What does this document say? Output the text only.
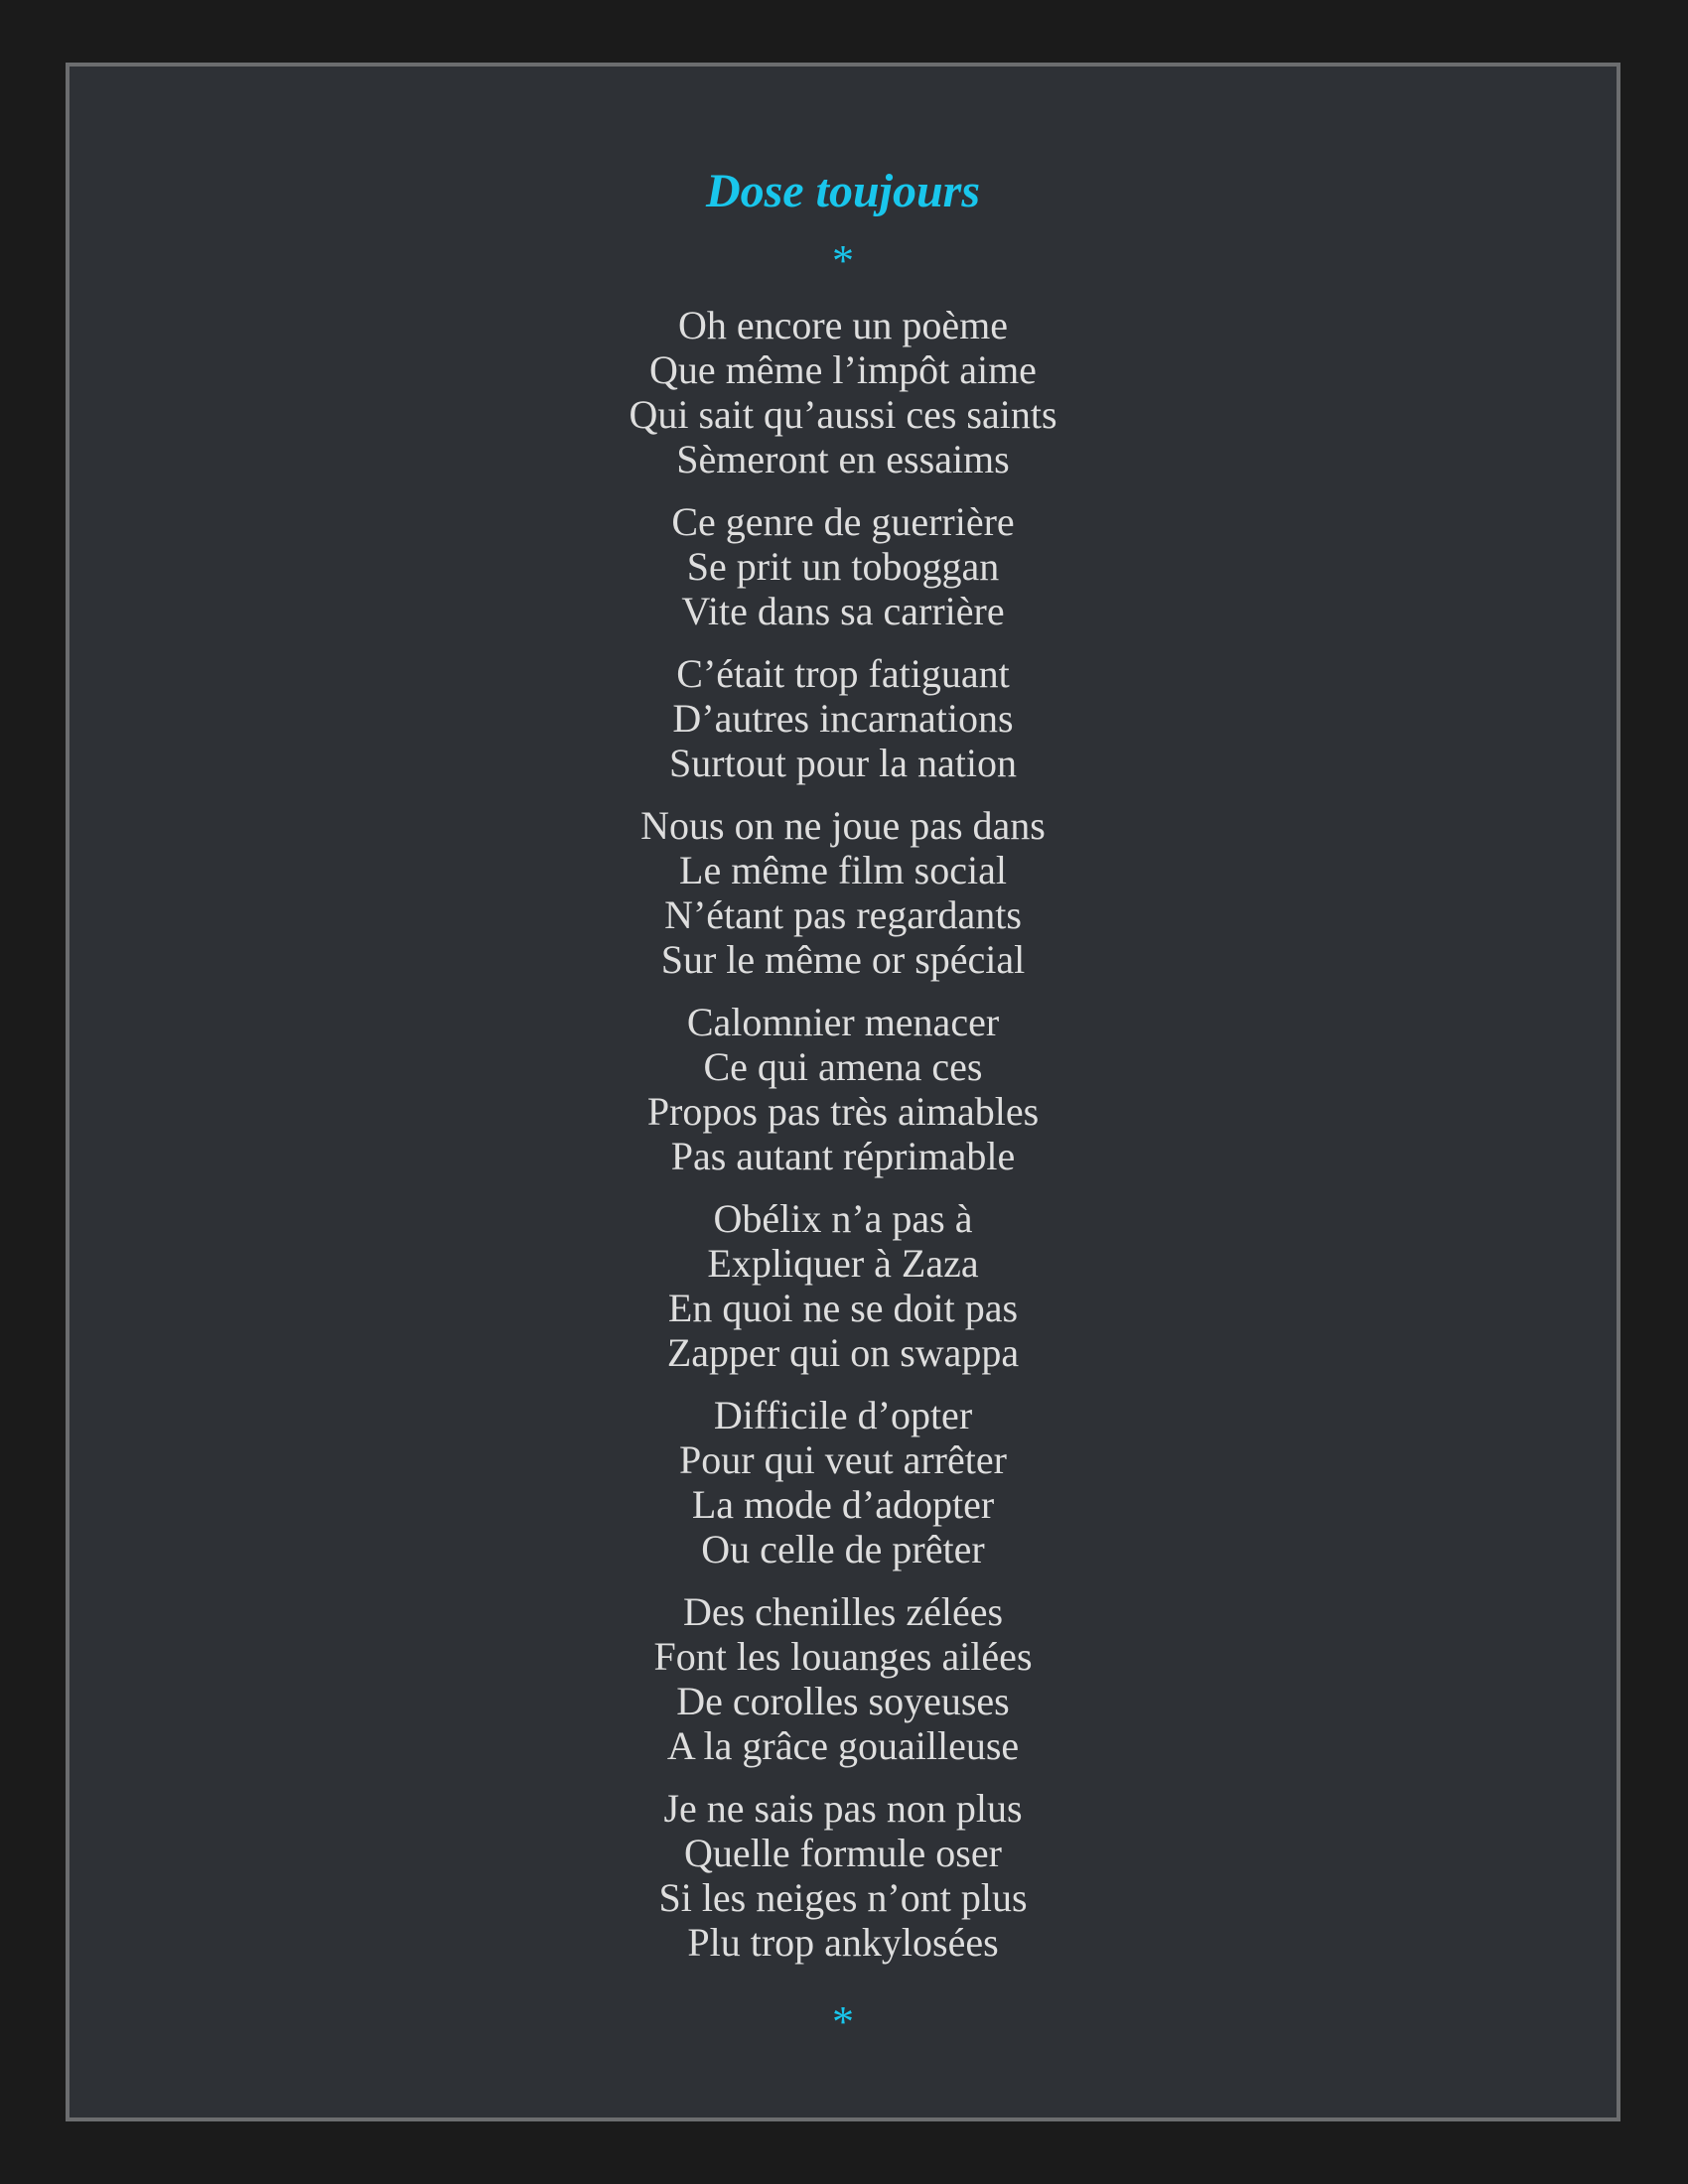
Dose toujours
*
Oh encore un poème
Que même l’impôt aime
Qui sait qu’aussi ces saints
Sèmeront en essaims
Ce genre de guerrière
Se prit un toboggan
Vite dans sa carrière
C’était trop fatiguant
D’autres incarnations
Surtout pour la nation
Nous on ne joue pas dans
Le même film social
N’étant pas regardants
Sur le même or spécial
Calomnier menacer
Ce qui amena ces
Propos pas très aimables
Pas autant réprimable
Obélix n’a pas à
Expliquer à Zaza
En quoi ne se doit pas
Zapper qui on swappa
Difficile d’opter
Pour qui veut arrêter
La mode d’adopter
Ou celle de prêter
Des chenilles zélées
Font les louanges ailées
De corolles soyeuses
A la grâce gouailleuse
Je ne sais pas non plus
Quelle formule oser
Si les neiges n’ont plus
Plu trop ankylosées
*
